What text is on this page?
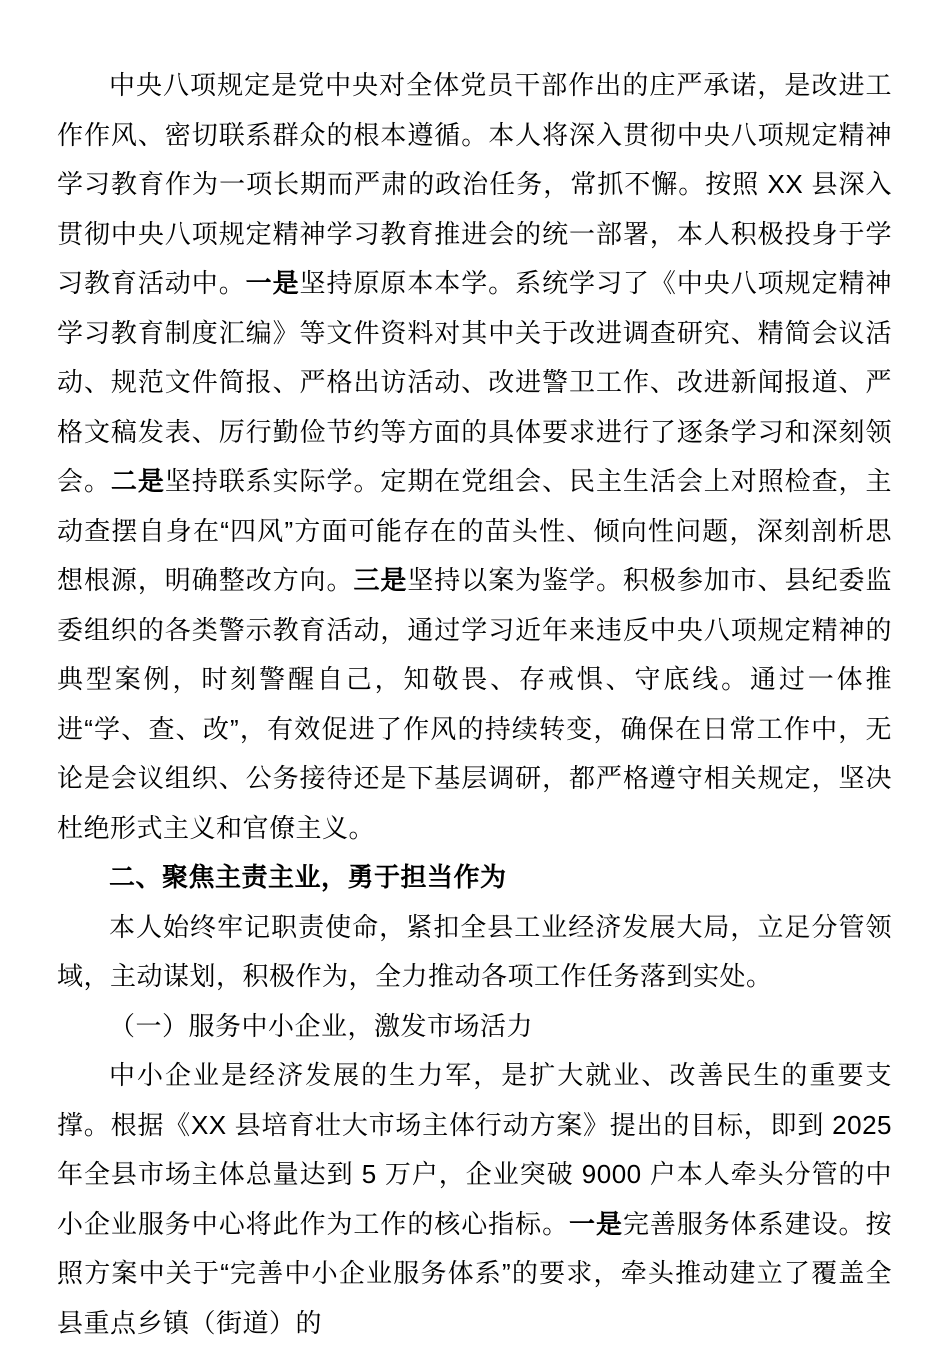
中央八项规定是党中央对全体党员干部作出的庄严承诺，是改进工作作风、密切联系群众的根本遵循。本人将深入贯彻中央八项规定精神学习教育作为一项长期而严肃的政治任务，常抓不懈。按照 XX 县深入贯彻中央八项规定精神学习教育推进会的统一部署，本人积极投身于学习教育活动中。一是坚持原原本本学。系统学习了《中央八项规定精神学习教育制度汇编》等文件资料对其中关于改进调查研究、精简会议活动、规范文件简报、严格出访活动、改进警卫工作、改进新闻报道、严格文稿发表、厉行勤俭节约等方面的具体要求进行了逐条学习和深刻领会。二是坚持联系实际学。定期在党组会、民主生活会上对照检查，主动查摆自身在“四风”方面可能存在的苗头性、倾向性问题，深刻剖析思想根源，明确整改方向。三是坚持以案为鉴学。积极参加市、县纪委监委组织的各类警示教育活动，通过学习近年来违反中央八项规定精神的典型案例，时刻警醒自己，知敬畏、存戒惧、守底线。通过一体推进“学、查、改”，有效促进了作风的持续转变，确保在日常工作中，无论是会议组织、公务接待还是下基层调研，都严格遵守相关规定，坚决杜绝形式主义和官僚主义。

二、聚焦主责主业，勇于担当作为

本人始终牢记职责使命，紧扣全县工业经济发展大局，立足分管领域，主动谋划，积极作为，全力推动各项工作任务落到实处。

（一）服务中小企业，激发市场活力

中小企业是经济发展的生力军，是扩大就业、改善民生的重要支撑。根据《XX 县培育壮大市场主体行动方案》提出的目标，即到 2025 年全县市场主体总量达到 5 万户，企业突破 9000 户本人牵头分管的中小企业服务中心将此作为工作的核心指标。一是完善服务体系建设。按照方案中关于“完善中小企业服务体系”的要求，牵头推动建立了覆盖全县重点乡镇（街道）的
